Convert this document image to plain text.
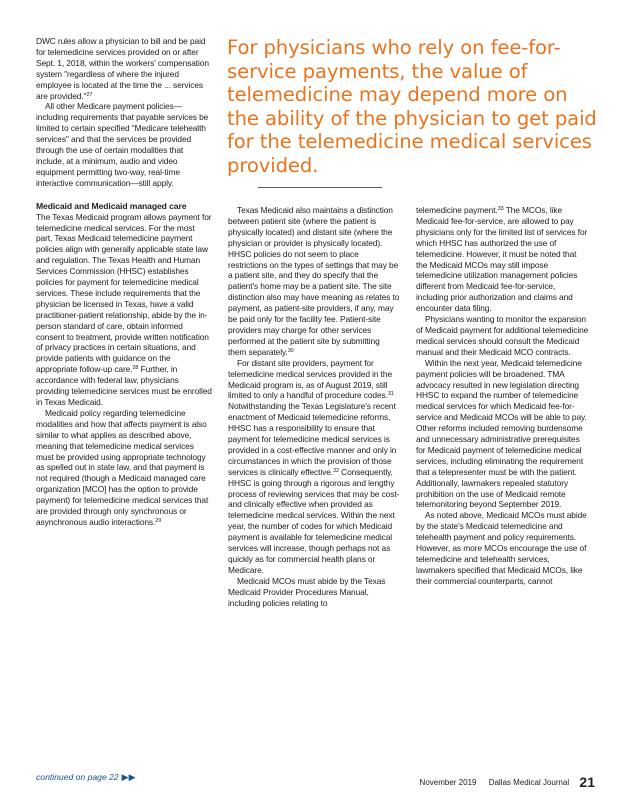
DWC rules allow a physician to bill and be paid for telemedicine services provided on or after Sept. 1, 2018, within the workers' compensation system "regardless of where the injured employee is located at the time the ... services are provided."$^{27}$

All other Medicare payment policies—including requirements that payable services be limited to certain specified "Medicare telehealth services" and that the services be provided through the use of certain modalities that include, at a minimum, audio and video equipment permitting two-way, real-time interactive communication—still apply.

Medicaid and Medicaid managed care

The Texas Medicaid program allows payment for telemedicine medical services. For the most part, Texas Medicaid telemedicine payment policies align with generally applicable state law and regulation. The Texas Health and Human Services Commission (HHSC) establishes policies for payment for telemedicine medical services. These include requirements that the physician be licensed in Texas, have a valid practitioner-patient relationship, abide by the in-person standard of care, obtain informed consent to treatment, provide written notification of privacy practices in certain situations, and provide patients with guidance on the appropriate follow-up care.$^{28}$ Further, in accordance with federal law, physicians providing telemedicine services must be enrolled in Texas Medicaid.

Medicaid policy regarding telemedicine modalities and how that affects payment is also similar to what applies as described above, meaning that telemedicine medical services must be provided using appropriate technology as spelled out in state law, and that payment is not required (though a Medicaid managed care organization [MCO] has the option to provide payment) for telemedicine medical services that are provided through only synchronous or asynchronous audio interactions.$^{29}$

For physicians who rely on fee-for-service payments, the value of telemedicine may depend more on the ability of the physician to get paid for the telemedicine medical services provided.

Texas Medicaid also maintains a distinction between patient site (where the patient is physically located) and distant site (where the physician or provider is physically located). HHSC policies do not seem to place restrictions on the types of settings that may be a patient site, and they do specify that the patient's home may be a patient site. The site distinction also may have meaning as relates to payment, as patient-site providers, if any, may be paid only for the facility fee. Patient-site providers may charge for other services performed at the patient site by submitting them separately.$^{30}$

For distant site providers, payment for telemedicine medical services provided in the Medicaid program is, as of August 2019, still limited to only a handful of procedure codes.$^{31}$ Notwithstanding the Texas Legislature's recent enactment of Medicaid telemedicine reforms, HHSC has a responsibility to ensure that payment for telemedicine medical services is provided in a cost-effective manner and only in circumstances in which the provision of those services is clinically effective.$^{32}$ Consequently, HHSC is going through a rigorous and lengthy process of reviewing services that may be cost- and clinically effective when provided as telemedicine medical services. Within the next year, the number of codes for which Medicaid payment is available for telemedicine medical services will increase, though perhaps not as quickly as for commercial health plans or Medicare.

Medicaid MCOs must abide by the Texas Medicaid Provider Procedures Manual, including policies relating to

telemedicine payment.$^{33}$ The MCOs, like Medicaid fee-for-service, are allowed to pay physicians only for the limited list of services for which HHSC has authorized the use of telemedicine. However, it must be noted that the Medicaid MCOs may still impose telemedicine utilization management policies different from Medicaid fee-for-service, including prior authorization and claims and encounter data filing.

Physicians wanting to monitor the expansion of Medicaid payment for additional telemedicine medical services should consult the Medicaid manual and their Medicaid MCO contracts.

Within the next year, Medicaid telemedicine payment policies will be broadened. TMA advocacy resulted in new legislation directing HHSC to expand the number of telemedicine medical services for which Medicaid fee-for-service and Medicaid MCOs will be able to pay. Other reforms included removing burdensome and unnecessary administrative prerequisites for Medicaid payment of telemedicine medical services, including eliminating the requirement that a telepresenter must be with the patient. Additionally, lawmakers repealed statutory prohibition on the use of Medicaid remote telemonitoring beyond September 2019.

As noted above, Medicaid MCOs must abide by the state's Medicaid telemedicine and telehealth payment and policy requirements. However, as more MCOs encourage the use of telemedicine and telehealth services, lawmakers specified that Medicaid MCOs, like their commercial counterparts, cannot

continued on page 22 ▶▶
November 2019 Dallas Medical Journal 21
